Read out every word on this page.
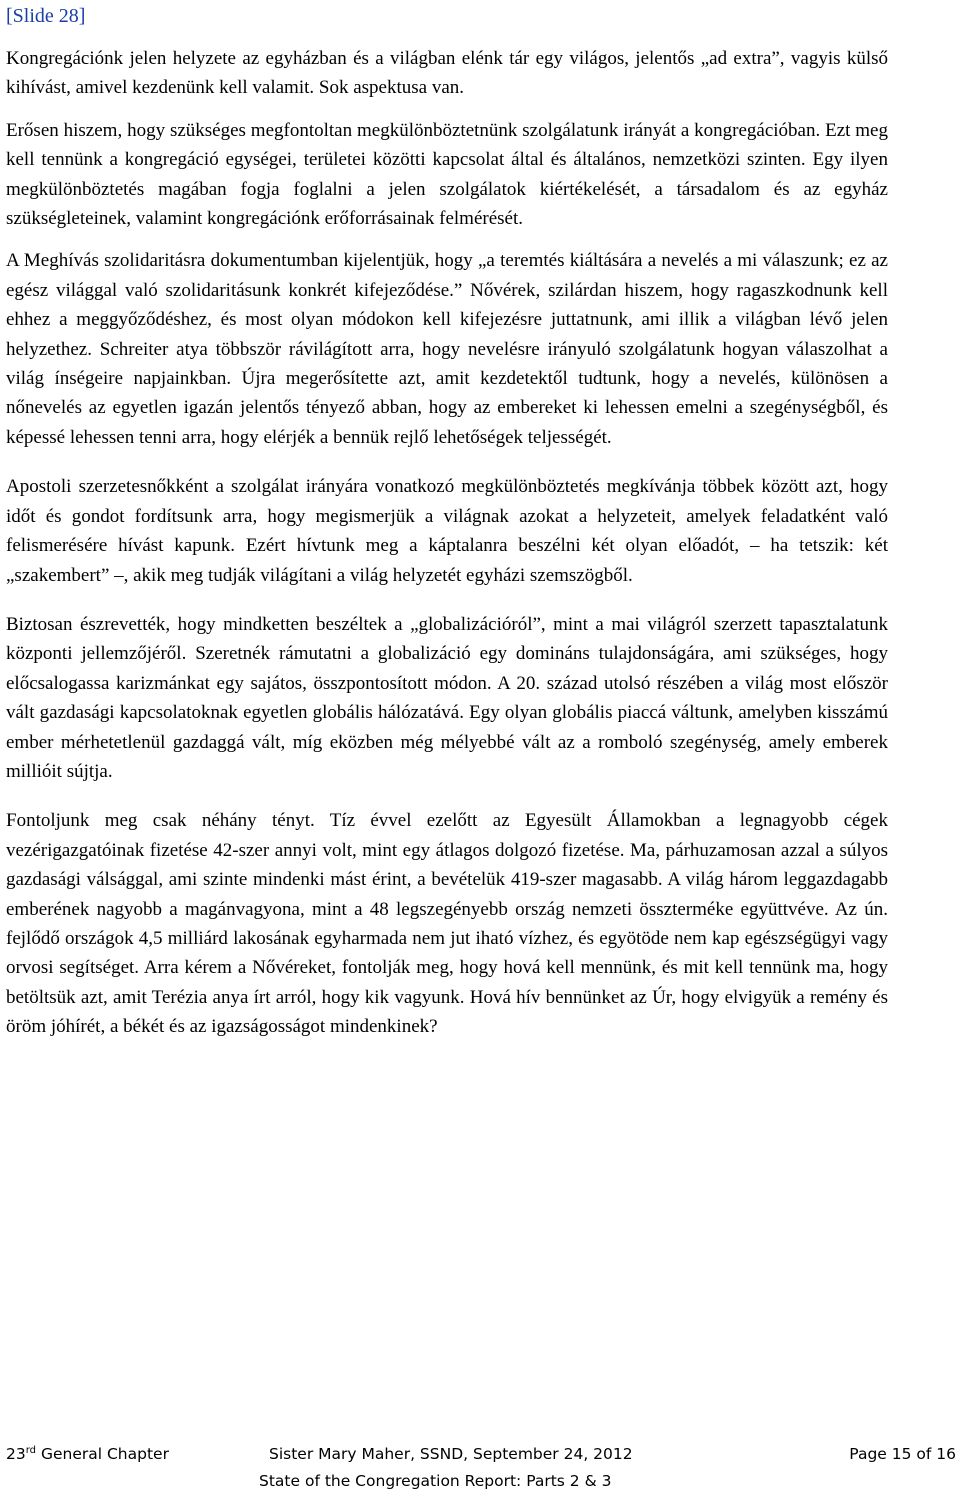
[Slide 28]

Kongregációnk jelen helyzete az egyházban és a világban elénk tár egy világos, jelentős „ad extra”, vagyis külső kihívást, amivel kezdenünk kell valamit. Sok aspektusa van.

Erősen hiszem, hogy szükséges megfontoltan megkülönböztetnünk szolgálatunk irányát a kongregációban. Ezt meg kell tennünk a kongregáció egységei, területei közötti kapcsolat által és általános, nemzetközi szinten. Egy ilyen megkülönböztetés magában fogja foglalni a jelen szolgálatok kiértékelését, a társadalom és az egyház szükségleteinek, valamint kongregációnk erőforrásainak felmérését.

A Meghívás szolidaritásra dokumentumban kijelentjük, hogy „a teremtés kiáltására a nevelés a mi válaszunk; ez az egész világgal való szolidaritásunk konkrét kifejeződése.” Nővérek, szilárdan hiszem, hogy ragaszkodnunk kell ehhez a meggyőződéshez, és most olyan módokon kell kifejezésre juttatnunk, ami illik a világban lévő jelen helyzethez. Schreiter atya többször rávilágított arra, hogy nevelésre irányuló szolgálatunk hogyan válaszolhat a világ ínségeire napjainkban. Újra megerősítette azt, amit kezdetektől tudtunk, hogy a nevelés, különösen a nőnevelés az egyetlen igazán jelentős tényező abban, hogy az embereket ki lehessen emelni a szegénységből, és képessé lehessen tenni arra, hogy elérjék a bennük rejlő lehetőségek teljességét.

Apostoli szerzetesnőkként a szolgálat irányára vonatkozó megkülönböztetés megkívánja többek között azt, hogy időt és gondot fordítsunk arra, hogy megismerjük a világnak azokat a helyzeteit, amelyek feladatként való felismerésére hívást kapunk. Ezért hívtunk meg a káptalanra beszélni két olyan előadót, – ha tetszik: két „szakembert” –, akik meg tudják világítani a világ helyzetét egyházi szemszögből.

Biztosan észrevették, hogy mindketten beszéltek a „globalizációról”, mint a mai világról szerzett tapasztalatunk központi jellemzőjéről. Szeretnék rámutatni a globalizáció egy domináns tulajdonságára, ami szükséges, hogy előcsalogassa karizmánkat egy sajátos, összpontosított módon. A 20. század utolsó részében a világ most először vált gazdasági kapcsolatoknak egyetlen globális hálózatává. Egy olyan globális piaccá váltunk, amelyben kisszámú ember mérhetetlenül gazdaggá vált, míg eközben még mélyebbé vált az a romboló szegénység, amely emberek millióit sújtja.

Fontoljunk meg csak néhány tényt. Tíz évvel ezelőtt az Egyesült Államokban a legnagyobb cégek vezérigazgatóinak fizetése 42-szer annyi volt, mint egy átlagos dolgozó fizetése. Ma, párhuzamosan azzal a súlyos gazdasági válsággal, ami szinte mindenki mást érint, a bevételük 419-szer magasabb. A világ három leggazdagabb emberének nagyobb a magánvagyona, mint a 48 legszegényebb ország nemzeti össztermékе együttvéve. Az ún. fejlődő országok 4,5 milliárd lakosának egyharmada nem jut iható vízhez, és egyötöde nem kap egészségügyi vagy orvosi segítséget. Arra kérem a Nővéreket, fontolják meg, hogy hová kell mennünk, és mit kell tennünk ma, hogy betöltsük azt, amit Terézia anya írt arról, hogy kik vagyunk. Hová hív bennünket az Úr, hogy elvigyük a remény és öröm jóhírét, a békét és az igazságosságot mindenkinek?

23rd General Chapter	Sister Mary Maher, SSND, September 24, 2012	Page 15 of 16
State of the Congregation Report: Parts 2 & 3
